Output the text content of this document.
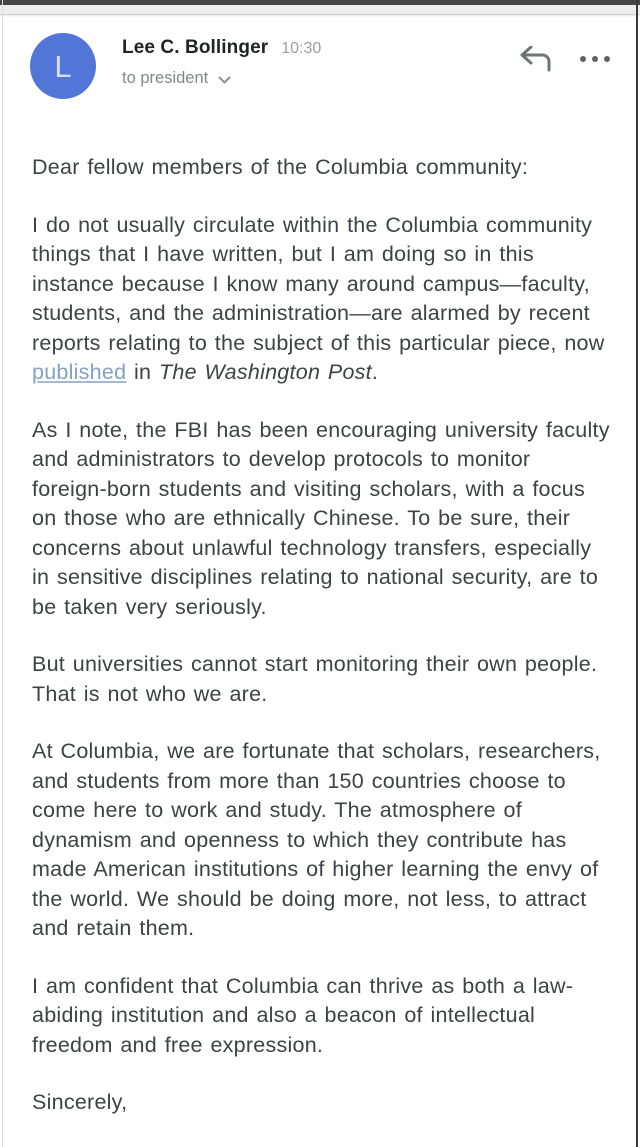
L
Lee C. Bollinger 10:30
to president

Dear fellow members of the Columbia community:

I do not usually circulate within the Columbia community things that I have written, but I am doing so in this instance because I know many around campus—faculty, students, and the administration—are alarmed by recent reports relating to the subject of this particular piece, now published in The Washington Post.

As I note, the FBI has been encouraging university faculty and administrators to develop protocols to monitor foreign-born students and visiting scholars, with a focus on those who are ethnically Chinese. To be sure, their concerns about unlawful technology transfers, especially in sensitive disciplines relating to national security, are to be taken very seriously.

But universities cannot start monitoring their own people. That is not who we are.

At Columbia, we are fortunate that scholars, researchers, and students from more than 150 countries choose to come here to work and study. The atmosphere of dynamism and openness to which they contribute has made American institutions of higher learning the envy of the world. We should be doing more, not less, to attract and retain them.

I am confident that Columbia can thrive as both a law-abiding institution and also a beacon of intellectual freedom and free expression.

Sincerely,
